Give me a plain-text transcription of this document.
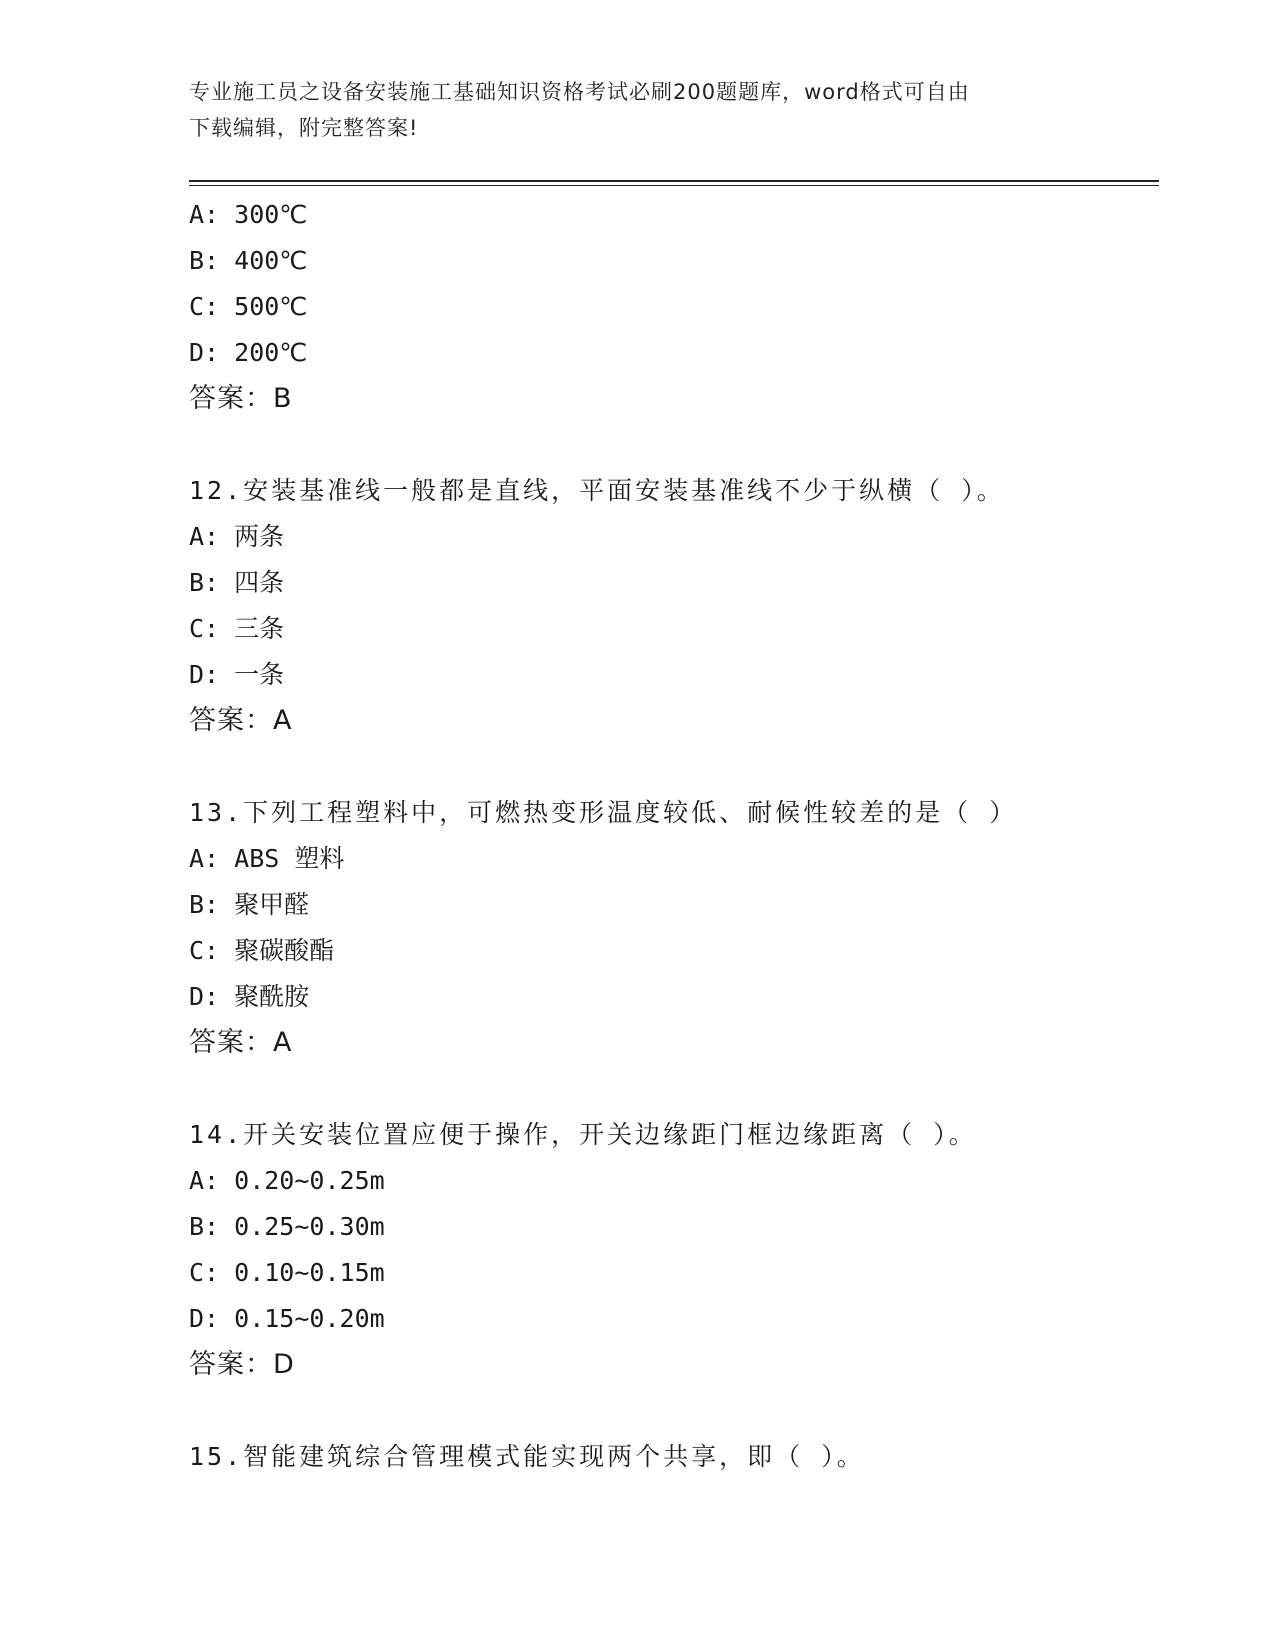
专业施工员之设备安装施工基础知识资格考试必刷200题题库，word格式可自由
下载编辑，附完整答案!
A: 300℃
B: 400℃
C: 500℃
D: 200℃
答案：B
12.安装基准线一般都是直线，平面安装基准线不少于纵横（ ）。
A: 两条
B: 四条
C: 三条
D: 一条
答案：A
13.下列工程塑料中，可燃热变形温度较低、耐候性较差的是（ ）
A: ABS 塑料
B: 聚甲醛
C: 聚碳酸酯
D: 聚酰胺
答案：A
14.开关安装位置应便于操作，开关边缘距门框边缘距离（ ）。
A: 0.20~0.25m
B: 0.25~0.30m
C: 0.10~0.15m
D: 0.15~0.20m
答案：D
15.智能建筑综合管理模式能实现两个共享，即（ ）。
